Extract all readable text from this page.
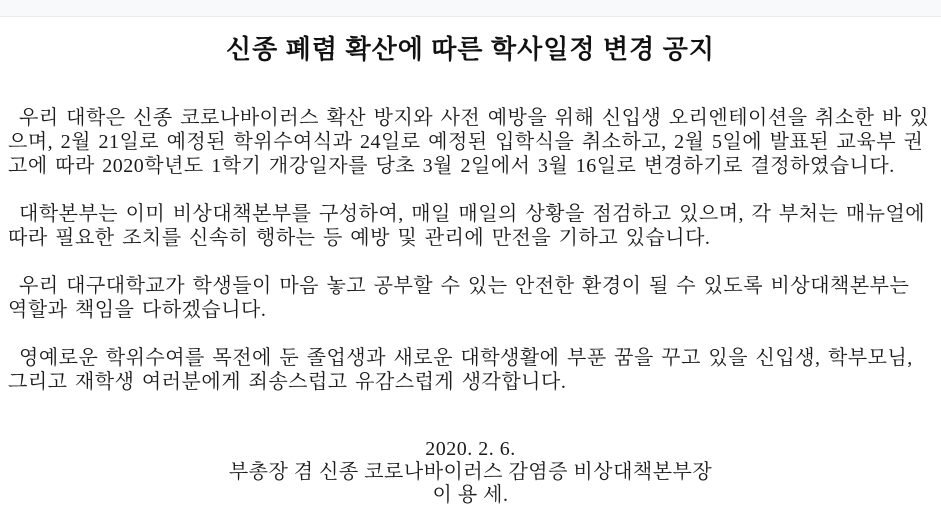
신종 폐렴 확산에 따른 학사일정 변경 공지

우리 대학은 신종 코로나바이러스 확산 방지와 사전 예방을 위해 신입생 오리엔테이션을 취소한 바 있으며, 2월 21일로 예정된 학위수여식과 24일로 예정된 입학식을 취소하고, 2월 5일에 발표된 교육부 권고에 따라 2020학년도 1학기 개강일자를 당초 3월 2일에서 3월 16일로 변경하기로 결정하였습니다.

대학본부는 이미 비상대책본부를 구성하여, 매일 매일의 상황을 점검하고 있으며, 각 부처는 매뉴얼에 따라 필요한 조치를 신속히 행하는 등 예방 및 관리에 만전을 기하고 있습니다.

우리 대구대학교가 학생들이 마음 놓고 공부할 수 있는 안전한 환경이 될 수 있도록 비상대책본부는 역할과 책임을 다하겠습니다.

영예로운 학위수여를 목전에 둔 졸업생과 새로운 대학생활에 부푼 꿈을 꾸고 있을 신입생, 학부모님, 그리고 재학생 여러분에게 죄송스럽고 유감스럽게 생각합니다.

2020. 2. 6.

부총장 겸 신종 코로나바이러스 감염증 비상대책본부장

이 용 세.
